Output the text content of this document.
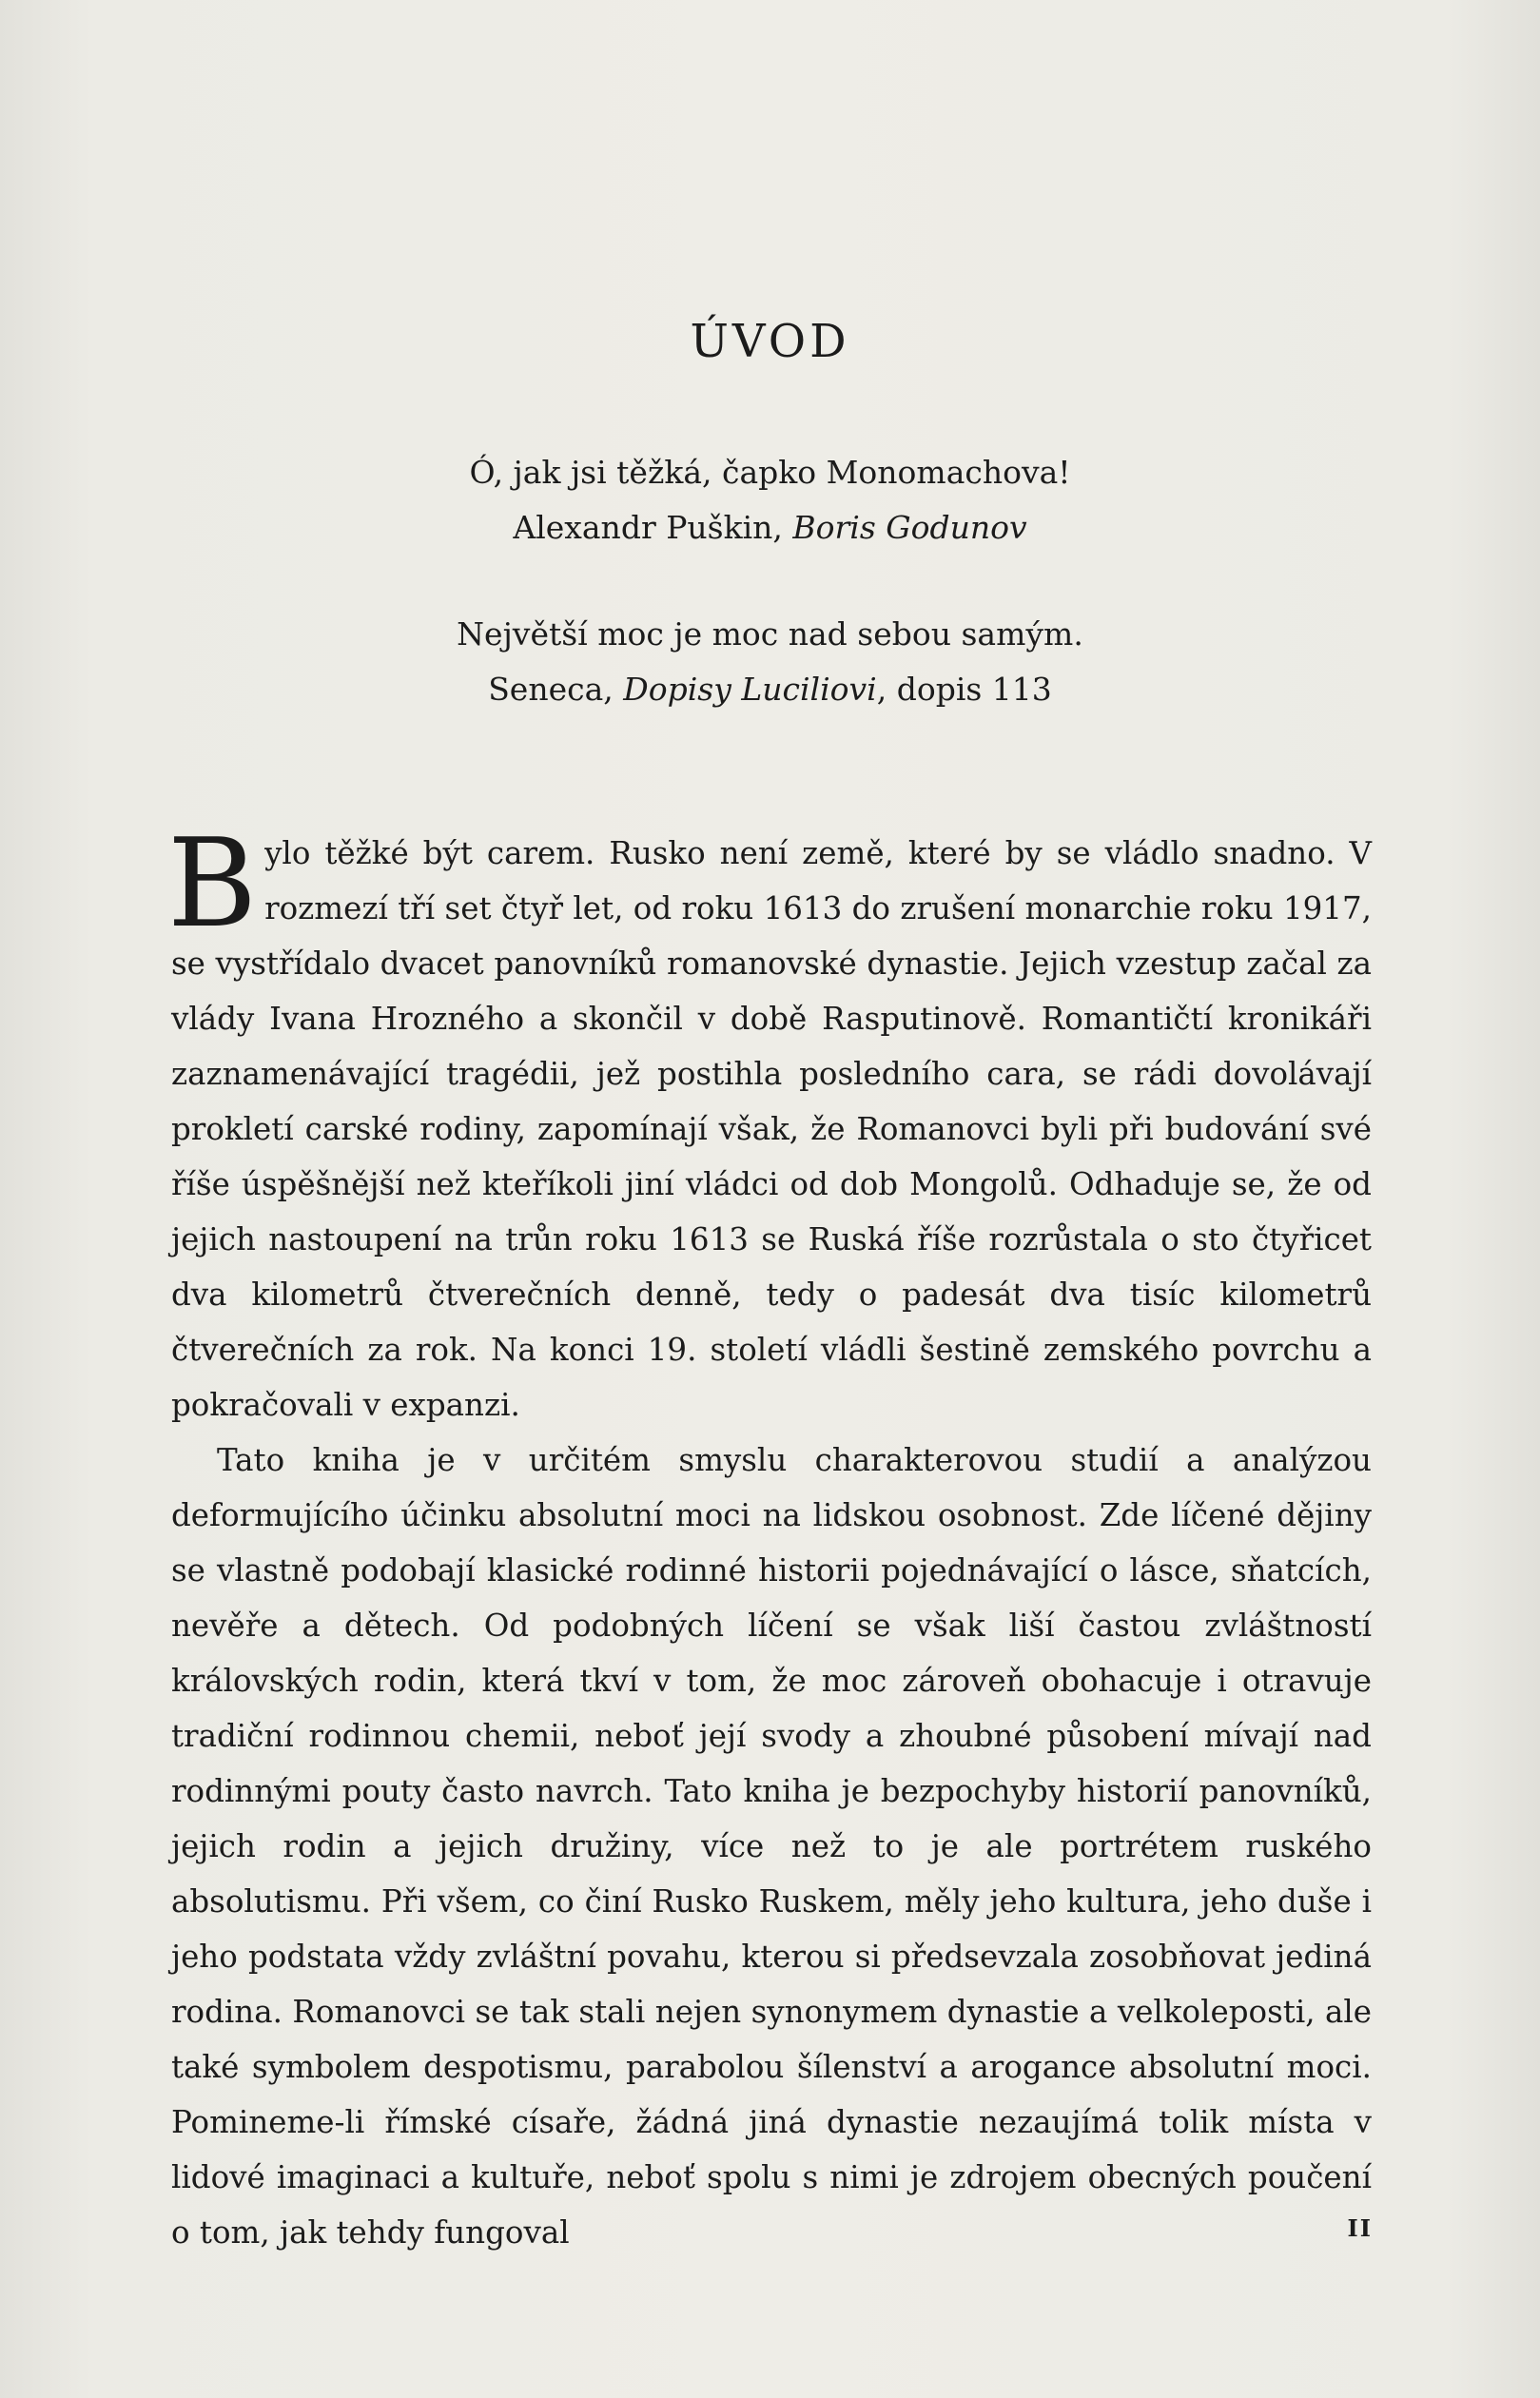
ÚVOD
Ó, jak jsi těžká, čapko Monomachova!
Alexandr Puškin, Boris Godunov
Největší moc je moc nad sebou samým.
Seneca, Dopisy Luciliovi, dopis 113

Bylo těžké být carem. Rusko není země, které by se vládlo snadno. V rozmezí tří set čtyř let, od roku 1613 do zrušení monarchie roku 1917, se vystřídalo dvacet panovníků romanovské dynastie. Jejich vzestup začal za vlády Ivana Hrozného a skončil v době Rasputinově. Romantičtí kronikáři zaznamenávající tragédii, jež postihla posledního cara, se rádi dovolávají prokletí carské rodiny, zapomínají však, že Romanovci byli při budování své říše úspěšnější než kteříkoli jiní vládci od dob Mongolů. Odhaduje se, že od jejich nastoupení na trůn roku 1613 se Ruská říše rozrůstala o sto čtyřicet dva kilometrů čtverečních denně, tedy o padesát dva tisíc kilometrů čtverečních za rok. Na konci 19. století vládli šestině zemského povrchu a pokračovali v expanzi.

Tato kniha je v určitém smyslu charakterovou studií a analýzou deformujícího účinku absolutní moci na lidskou osobnost. Zde líčené dějiny se vlastně podobají klasické rodinné historii pojednávající o lásce, sňatcích, nevěře a dětech. Od podobných líčení se však liší častou zvláštností královských rodin, která tkví v tom, že moc zároveň obohacuje i otravuje tradiční rodinnou chemii, neboť její svody a zhoubné působení mívají nad rodinnými pouty často navrch. Tato kniha je bezpochyby historií panovníků, jejich rodin a jejich družiny, více než to je ale portrétem ruského absolutismu. Při všem, co činí Rusko Ruskem, měly jeho kultura, jeho duše i jeho podstata vždy zvláštní povahu, kterou si předsevzala zosobňovat jediná rodina. Romanovci se tak stali nejen synonymem dynastie a velkoleposti, ale také symbolem despotismu, parabolou šílenství a arogance absolutní moci. Pomineme-li římské císaře, žádná jiná dynastie nezaujímá tolik místa v lidové imaginaci a kultuře, neboť spolu s nimi je zdrojem obecných poučení o tom, jak tehdy fungoval	II
